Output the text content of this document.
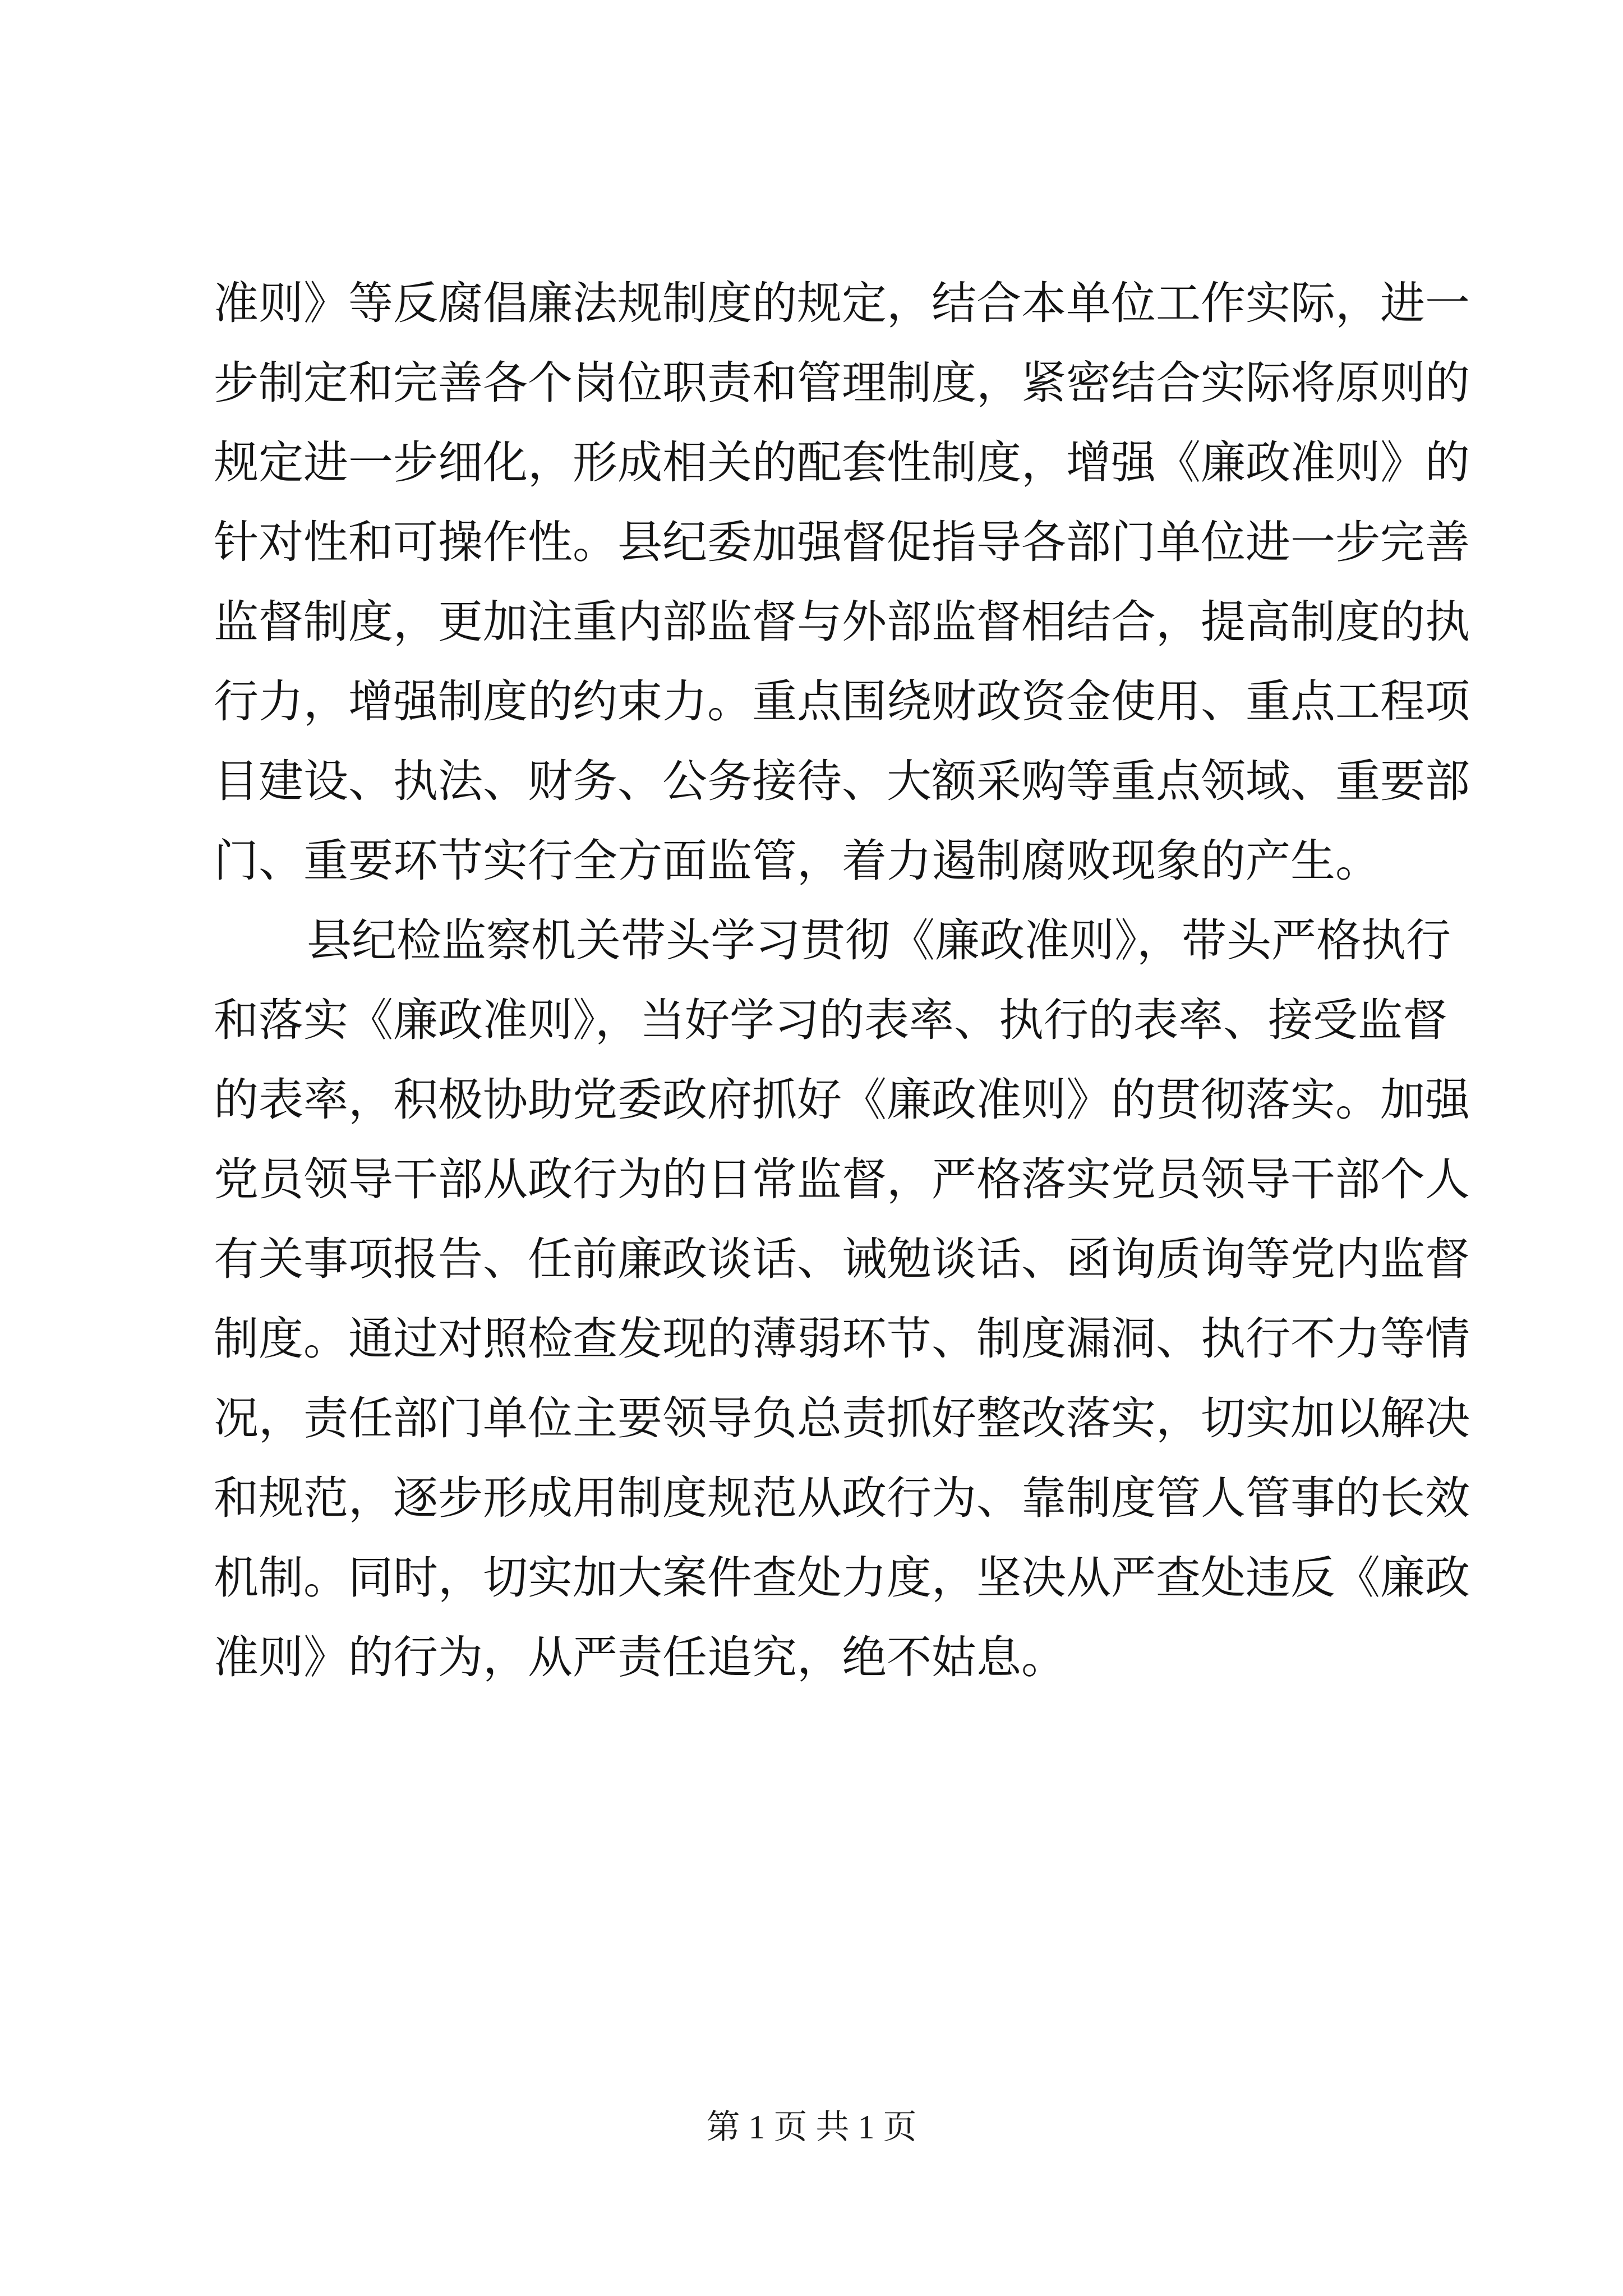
准则》等反腐倡廉法规制度的规定，结合本单位工作实际，进一
步制定和完善各个岗位职责和管理制度，紧密结合实际将原则的
规定进一步细化，形成相关的配套性制度，增强《廉政准则》的
针对性和可操作性。县纪委加强督促指导各部门单位进一步完善
监督制度，更加注重内部监督与外部监督相结合，提高制度的执
行力，增强制度的约束力。重点围绕财政资金使用、重点工程项
目建设、执法、财务、公务接待、大额采购等重点领域、重要部
门、重要环节实行全方面监管，着力遏制腐败现象的产生。
县纪检监察机关带头学习贯彻《廉政准则》，带头严格执行
和落实《廉政准则》，当好学习的表率、执行的表率、接受监督
的表率，积极协助党委政府抓好《廉政准则》的贯彻落实。加强
党员领导干部从政行为的日常监督，严格落实党员领导干部个人
有关事项报告、任前廉政谈话、诫勉谈话、函询质询等党内监督
制度。通过对照检查发现的薄弱环节、制度漏洞、执行不力等情
况，责任部门单位主要领导负总责抓好整改落实，切实加以解决
和规范，逐步形成用制度规范从政行为、靠制度管人管事的长效
机制。同时，切实加大案件查处力度，坚决从严查处违反《廉政
准则》的行为，从严责任追究，绝不姑息。
第 1 页 共 1 页
